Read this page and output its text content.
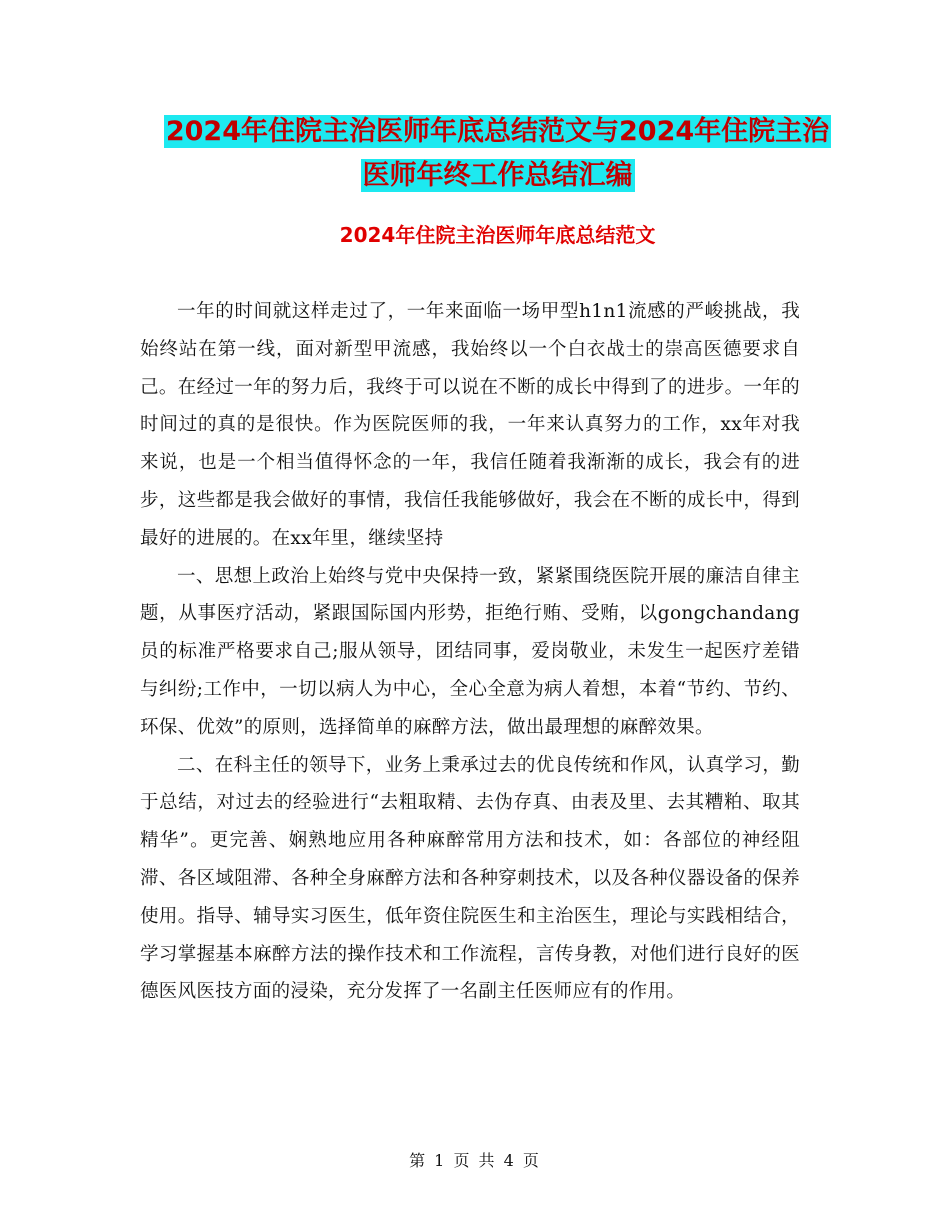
2024年住院主治医师年底总结范文与2024年住院主治
医师年终工作总结汇编
2024年住院主治医师年底总结范文

一年的时间就这样走过了，一年来面临一场甲型h1n1流感的严峻挑战，我始终站在第一线，面对新型甲流感，我始终以一个白衣战士的崇高医德要求自己。在经过一年的努力后，我终于可以说在不断的成长中得到了的进步。一年的时间过的真的是很快。作为医院医师的我，一年来认真努力的工作，xx年对我来说，也是一个相当值得怀念的一年，我信任随着我渐渐的成长，我会有的进步，这些都是我会做好的事情，我信任我能够做好，我会在不断的成长中，得到最好的进展的。在xx年里，继续坚持

一、思想上政治上始终与党中央保持一致，紧紧围绕医院开展的廉洁自律主题，从事医疗活动，紧跟国际国内形势，拒绝行贿、受贿，以gongchandang员的标准严格要求自己;服从领导，团结同事，爱岗敬业，未发生一起医疗差错与纠纷;工作中，一切以病人为中心，全心全意为病人着想，本着“节约、节约、环保、优效”的原则，选择简单的麻醉方法，做出最理想的麻醉效果。

二、在科主任的领导下，业务上秉承过去的优良传统和作风，认真学习，勤于总结，对过去的经验进行“去粗取精、去伪存真、由表及里、去其糟粕、取其精华”。更完善、娴熟地应用各种麻醉常用方法和技术，如：各部位的神经阻滞、各区域阻滞、各种全身麻醉方法和各种穿刺技术，以及各种仪器设备的保养使用。指导、辅导实习医生，低年资住院医生和主治医生，理论与实践相结合，学习掌握基本麻醉方法的操作技术和工作流程，言传身教，对他们进行良好的医德医风医技方面的浸染，充分发挥了一名副主任医师应有的作用。

第 1 页 共 4 页
